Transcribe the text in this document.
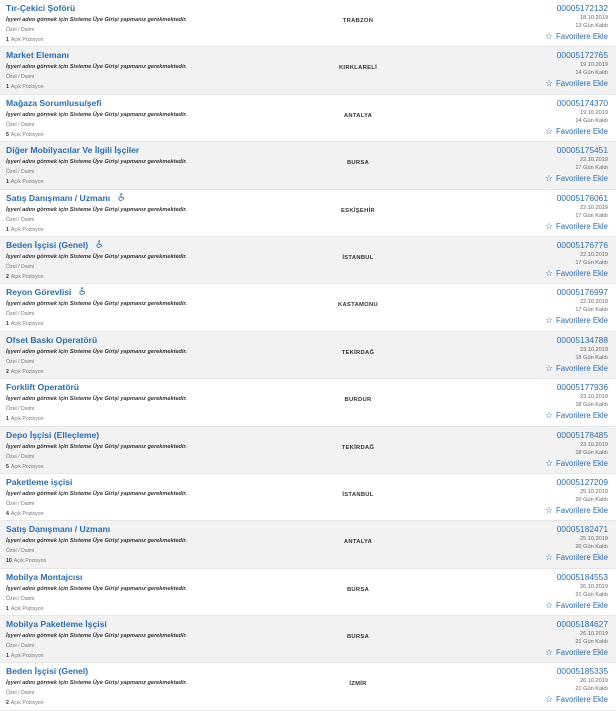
Tır-Çekici Şoförü
İşyeri adını görmek için Sisteme Üye Girişi yapmanız gerekmektedir.
Özel / Daimi
1 Açık Pozisyon
TRABZON
00005172132
18.10.2019
13 Gün Kaldı
☆ Favorilere Ekle
Market Elemanı
İşyeri adını görmek için Sisteme Üye Girişi yapmanız gerekmektedir.
Özel / Daimi
1 Açık Pozisyon
KIRKLARELİ
00005172765
19.10.2019
14 Gün Kaldı
☆ Favorilere Ekle
Mağaza Sorumlusu/şefi
İşyeri adını görmek için Sisteme Üye Girişi yapmanız gerekmektedir.
Özel / Daimi
5 Açık Pozisyon
ANTALYA
00005174370
19.10.2019
14 Gün Kaldı
☆ Favorilere Ekle
Diğer Mobilyacılar Ve İlgili İşçiler
İşyeri adını görmek için Sisteme Üye Girişi yapmanız gerekmektedir.
Özel / Daimi
1 Açık Pozisyon
BURSA
00005175451
22.10.2019
17 Gün Kaldı
☆ Favorilere Ekle
Satış Danışmanı / Uzmanı
İşyeri adını görmek için Sisteme Üye Girişi yapmanız gerekmektedir.
Özel / Daimi
1 Açık Pozisyon
ESKİŞEHİR
00005176061
22.10.2019
17 Gün Kaldı
☆ Favorilere Ekle
Beden İşçisi (Genel)
İşyeri adını görmek için Sisteme Üye Girişi yapmanız gerekmektedir.
Özel / Daimi
2 Açık Pozisyon
İSTANBUL
00005176776
22.10.2019
17 Gün Kaldı
☆ Favorilere Ekle
Reyon Görevlisi
İşyeri adını görmek için Sisteme Üye Girişi yapmanız gerekmektedir.
Özel / Daimi
1 Açık Pozisyon
KASTAMONU
00005176997
22.10.2019
17 Gün Kaldı
☆ Favorilere Ekle
Ofset Baskı Operatörü
İşyeri adını görmek için Sisteme Üye Girişi yapmanız gerekmektedir.
Özel / Daimi
2 Açık Pozisyon
TEKİRDAĞ
00005134788
23.10.2019
18 Gün Kaldı
☆ Favorilere Ekle
Forklift Operatörü
İşyeri adını görmek için Sisteme Üye Girişi yapmanız gerekmektedir.
Özel / Daimi
1 Açık Pozisyon
BURDUR
00005177936
23.10.2019
18 Gün Kaldı
☆ Favorilere Ekle
Depo İşçisi (Elleçleme)
İşyeri adını görmek için Sisteme Üye Girişi yapmanız gerekmektedir.
Özel / Daimi
5 Açık Pozisyon
TEKİRDAĞ
00005178485
23.10.2019
18 Gün Kaldı
☆ Favorilere Ekle
Paketleme işçisi
İşyeri adını görmek için Sisteme Üye Girişi yapmanız gerekmektedir.
Özel / Daimi
4 Açık Pozisyon
İSTANBUL
00005127209
25.10.2019
20 Gün Kaldı
☆ Favorilere Ekle
Satış Danışmanı / Uzmanı
İşyeri adını görmek için Sisteme Üye Girişi yapmanız gerekmektedir.
Özel / Daimi
10 Açık Pozisyon
ANTALYA
00005182471
25.10.2019
20 Gün Kaldı
☆ Favorilere Ekle
Mobilya Montajcısı
İşyeri adını görmek için Sisteme Üye Girişi yapmanız gerekmektedir.
Özel / Daimi
1 Açık Pozisyon
BURSA
00005184553
26.10.2019
21 Gün Kaldı
☆ Favorilere Ekle
Mobilya Paketleme İşçisi
İşyeri adını görmek için Sisteme Üye Girişi yapmanız gerekmektedir.
Özel / Daimi
1 Açık Pozisyon
BURSA
00005184627
26.10.2019
21 Gün Kaldı
☆ Favorilere Ekle
Beden İşçisi (Genel)
İşyeri adını görmek için Sisteme Üye Girişi yapmanız gerekmektedir.
Özel / Daimi
2 Açık Pozisyon
İZMİR
00005185335
26.10.2019
21 Gün Kaldı
☆ Favorilere Ekle
